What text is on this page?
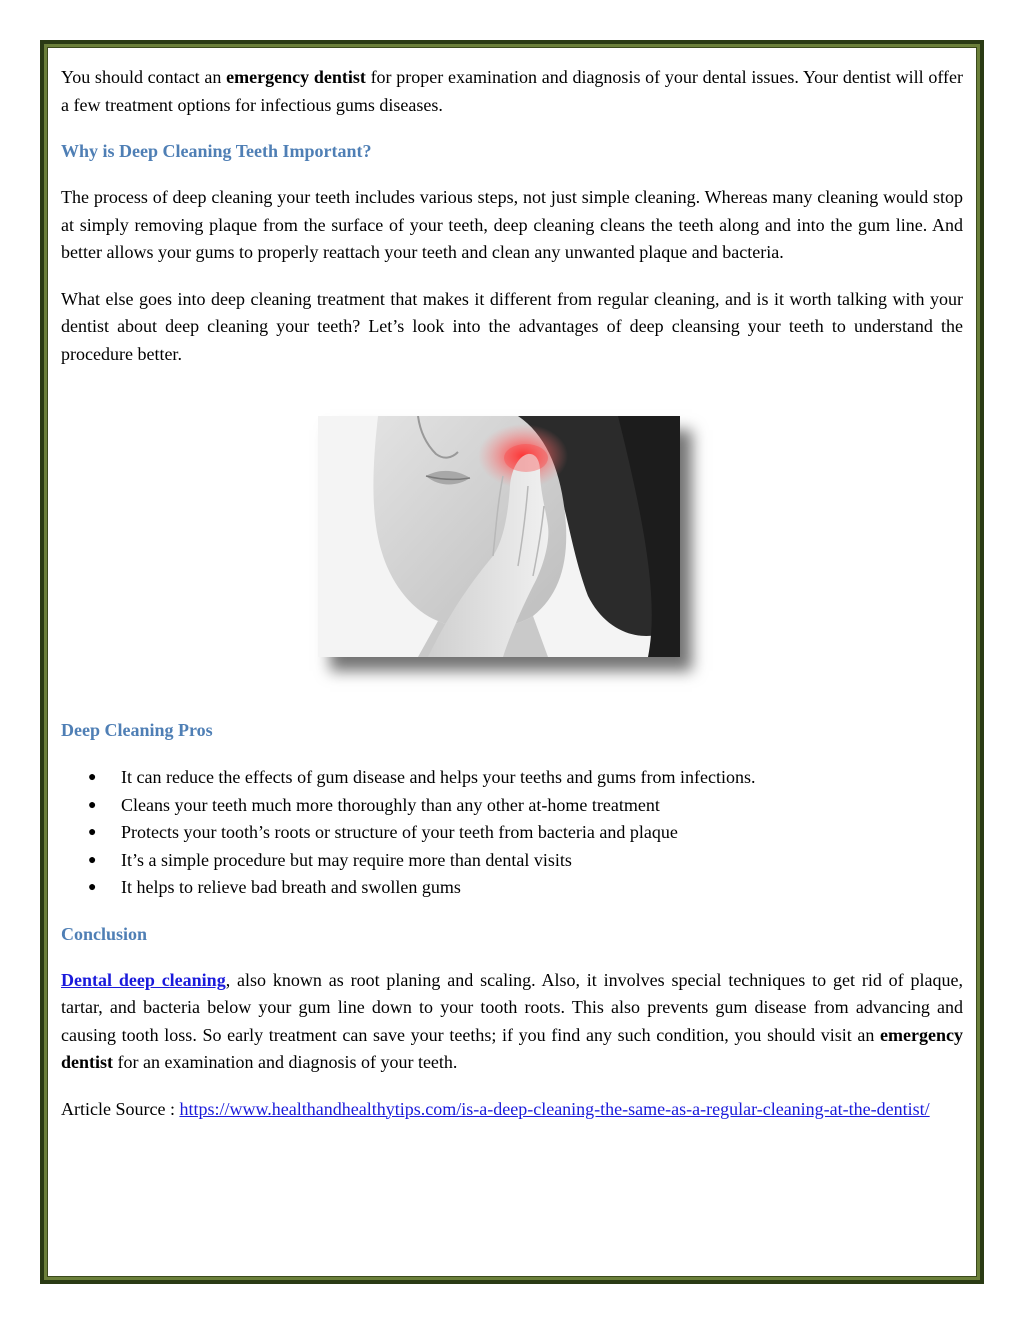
You should contact an emergency dentist for proper examination and diagnosis of your dental issues. Your dentist will offer a few treatment options for infectious gums diseases.

Why is Deep Cleaning Teeth Important?

The process of deep cleaning your teeth includes various steps, not just simple cleaning. Whereas many cleaning would stop at simply removing plaque from the surface of your teeth, deep cleaning cleans the teeth along and into the gum line. And better allows your gums to properly reattach your teeth and clean any unwanted plaque and bacteria.

What else goes into deep cleaning treatment that makes it different from regular cleaning, and is it worth talking with your dentist about deep cleaning your teeth? Let’s look into the advantages of deep cleansing your teeth to understand the procedure better.

Deep Cleaning Pros
● It can reduce the effects of gum disease and helps your teeths and gums from infections.
● Cleans your teeth much more thoroughly than any other at-home treatment
● Protects your tooth’s roots or structure of your teeth from bacteria and plaque
● It’s a simple procedure but may require more than dental visits
● It helps to relieve bad breath and swollen gums
Conclusion

Dental deep cleaning, also known as root planing and scaling. Also, it involves special techniques to get rid of plaque, tartar, and bacteria below your gum line down to your tooth roots. This also prevents gum disease from advancing and causing tooth loss. So early treatment can save your teeths; if you find any such condition, you should visit an emergency dentist for an examination and diagnosis of your teeth.

Article Source : https://www.healthandhealthytips.com/is-a-deep-cleaning-the-same-as-a-regular-cleaning-at-the-dentist/
